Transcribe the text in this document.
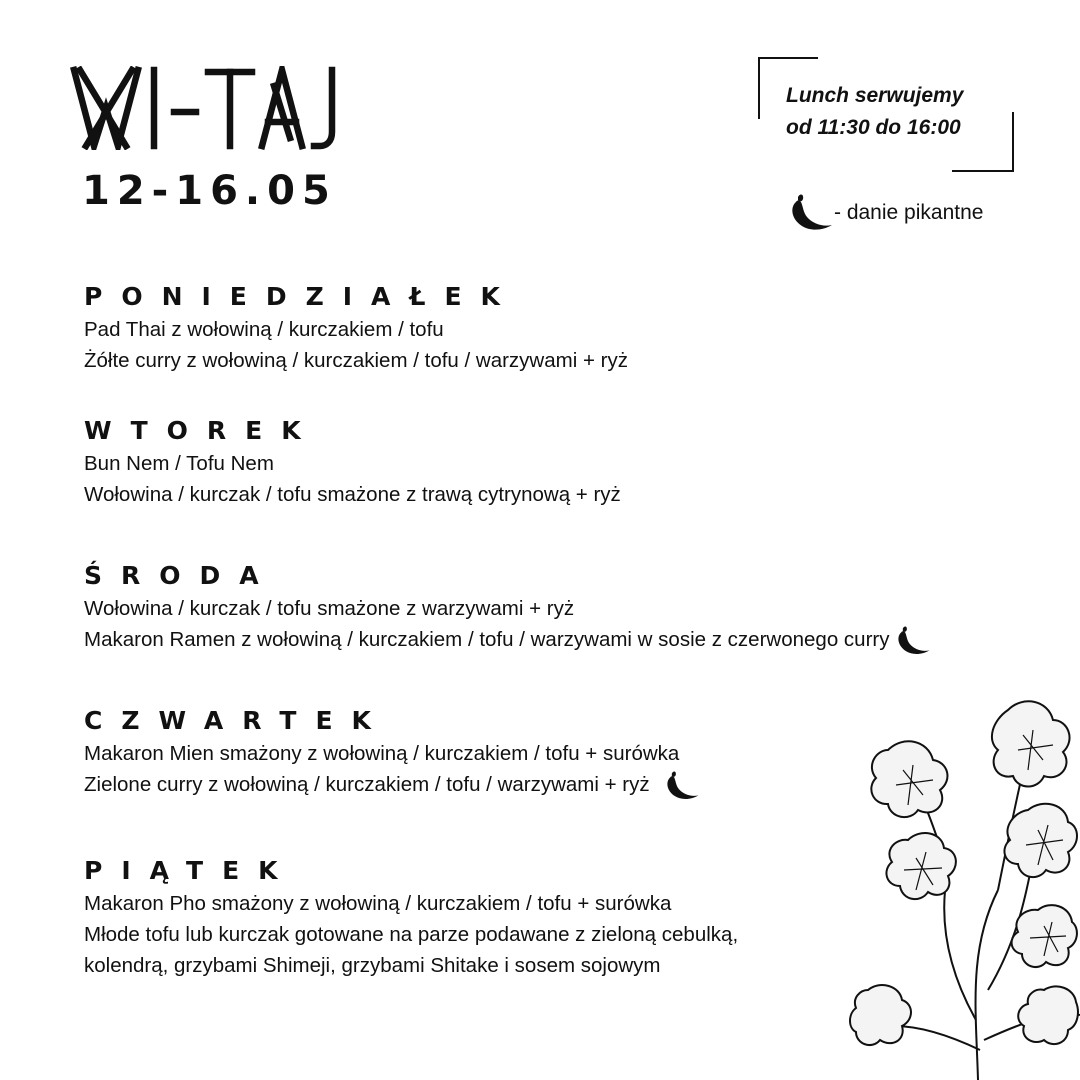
12-16.05
Lunch serwujemy
od 11:30 do 16:00
- danie pikantne
PONIEDZIAŁEK
Pad Thai z wołowiną / kurczakiem / tofu
Żółte curry z wołowiną / kurczakiem / tofu / warzywami + ryż
WTOREK
Bun Nem / Tofu Nem
Wołowina / kurczak / tofu smażone z trawą cytrynową + ryż
ŚRODA
Wołowina / kurczak / tofu smażone z warzywami + ryż
Makaron Ramen z wołowiną / kurczakiem / tofu / warzywami w sosie z czerwonego curry
CZWARTEK
Makaron Mien smażony z wołowiną / kurczakiem / tofu + surówka
Zielone curry z wołowiną / kurczakiem / tofu / warzywami + ryż
PIĄTEK
Makaron Pho smażony z wołowiną / kurczakiem / tofu + surówka
Młode tofu lub kurczak gotowane na parze podawane z zieloną cebulką,
kolendrą, grzybami Shimeji, grzybami Shitake i sosem sojowym
